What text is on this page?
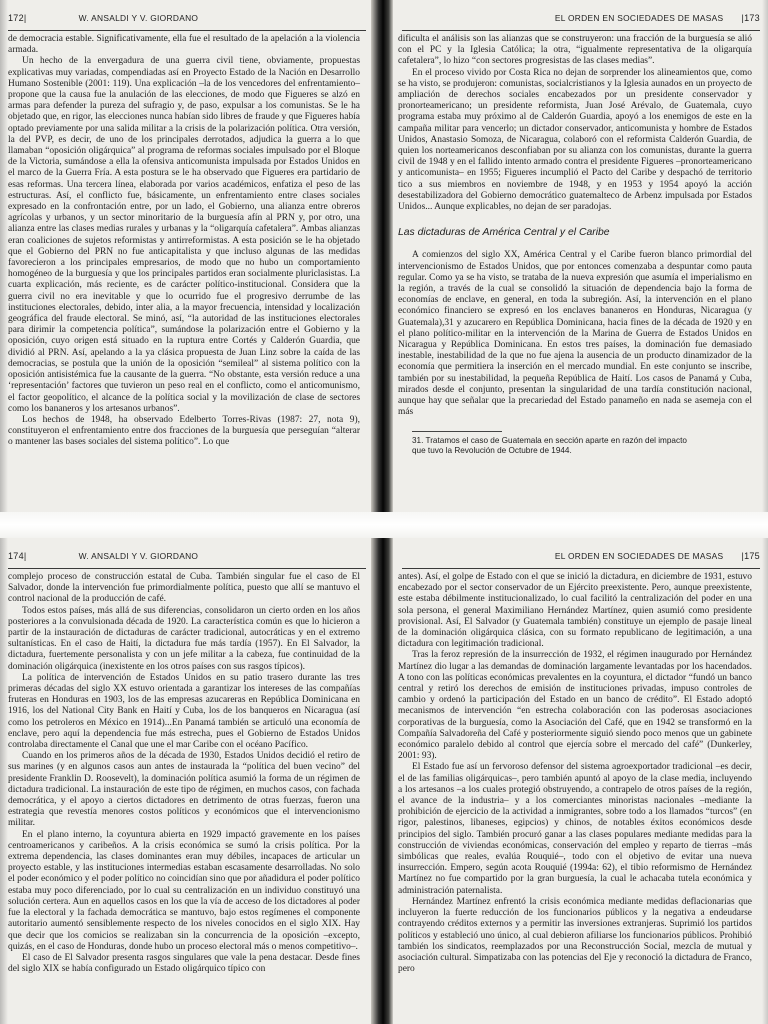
172|	W. ANSALDI Y V. GIORDANO

de democracia estable. Significativamente, ella fue el resultado de la apelación a la violencia armada.

Un hecho de la envergadura de una guerra civil tiene, obviamente, propuestas explicativas muy variadas, compendiadas así en Proyecto Estado de la Nación en Desarrollo Humano Sostenible (2001: 119). Una explicación –la de los vencedores del enfrentamiento– propone que la causa fue la anulación de las elecciones, de modo que Figueres se alzó en armas para defender la pureza del sufragio y, de paso, expulsar a los comunistas. Se le ha objetado que, en rigor, las elecciones nunca habían sido libres de fraude y que Figueres había optado previamente por una salida militar a la crisis de la polarización política. Otra versión, la del PVP, es decir, de uno de los principales derrotados, adjudica la guerra a lo que llamaban “oposición oligárquica” al programa de reformas sociales impulsado por el Bloque de la Victoria, sumándose a ella la ofensiva anticomunista impulsada por Estados Unidos en el marco de la Guerra Fría. A esta postura se le ha observado que Figueres era partidario de esas reformas. Una tercera línea, elaborada por varios académicos, enfatiza el peso de las estructuras. Así, el conflicto fue, básicamente, un enfrentamiento entre clases sociales expresado en la confrontación entre, por un lado, el Gobierno, una alianza entre obreros agrícolas y urbanos, y un sector minoritario de la burguesía afín al PRN y, por otro, una alianza entre las clases medias rurales y urbanas y la “oligarquía cafetalera”. Ambas alianzas eran coaliciones de sujetos reformistas y antirreformistas. A esta posición se le ha objetado que el Gobierno del PRN no fue anticapitalista y que incluso algunas de las medidas favorecieron a los principales empresarios, de modo que no hubo un comportamiento homogéneo de la burguesía y que los principales partidos eran socialmente pluriclasistas. La cuarta explicación, más reciente, es de carácter político-institucional. Considera que la guerra civil no era inevitable y que lo ocurrido fue el progresivo derrumbe de las instituciones electorales, debido, inter alia, a la mayor frecuencia, intensidad y localización geográfica del fraude electoral. Se minó, así, “la autoridad de las instituciones electorales para dirimir la competencia política”, sumándose la polarización entre el Gobierno y la oposición, cuyo origen está situado en la ruptura entre Cortés y Calderón Guardia, que dividió al PRN. Así, apelando a la ya clásica propuesta de Juan Linz sobre la caída de las democracias, se postula que la unión de la oposición “semileal” al sistema político con la oposición antisistémica fue la causante de la guerra. “No obstante, esta versión reduce a una ‘representación’ factores que tuvieron un peso real en el conflicto, como el anticomunismo, el factor geopolítico, el alcance de la política social y la movilización de clase de sectores como los bananeros y los artesanos urbanos”.

Los hechos de 1948, ha observado Edelberto Torres-Rivas (1987: 27, nota 9), constituyeron el enfrentamiento entre dos fracciones de la burguesía que perseguían “alterar o mantener las bases sociales del sistema político”. Lo que

EL ORDEN EN SOCIEDADES DE MASAS |173

dificulta el análisis son las alianzas que se construyeron: una fracción de la burguesía se alió con el PC y la Iglesia Católica; la otra, “igualmente representativa de la oligarquía cafetalera”, lo hizo “con sectores progresistas de las clases medias”.

En el proceso vivido por Costa Rica no dejan de sorprender los alineamientos que, como se ha visto, se produjeron: comunistas, socialcristianos y la Iglesia aunados en un proyecto de ampliación de derechos sociales encabezados por un presidente conservador y pronorteamericano; un presidente reformista, Juan José Arévalo, de Guatemala, cuyo programa estaba muy próximo al de Calderón Guardia, apoyó a los enemigos de este en la campaña militar para vencerlo; un dictador conservador, anticomunista y hombre de Estados Unidos, Anastasio Somoza, de Nicaragua, colaboró con el reformista Calderón Guardia, de quien los norteamericanos desconfiaban por su alianza con los comunistas, durante la guerra civil de 1948 y en el fallido intento armado contra el presidente Figueres –pronorteamericano y anticomunista– en 1955; Figueres incumplió el Pacto del Caribe y despachó de territorio tico a sus miembros en noviembre de 1948, y en 1953 y 1954 apoyó la acción desestabilizadora del Gobierno democrático guatemalteco de Arbenz impulsada por Estados Unidos... Aunque explicables, no dejan de ser paradojas.

Las dictaduras de América Central y el Caribe

A comienzos del siglo XX, América Central y el Caribe fueron blanco primordial del intervencionismo de Estados Unidos, que por entonces comenzaba a despuntar como pauta regular. Como ya se ha visto, se trataba de la nueva expresión que asumía el imperialismo en la región, a través de la cual se consolidó la situación de dependencia bajo la forma de economías de enclave, en general, en toda la subregión. Así, la intervención en el plano económico financiero se expresó en los enclaves bananeros en Honduras, Nicaragua (y Guatemala),31 y azucarero en República Dominicana, hacia fines de la década de 1920 y en el plano político-militar en la intervención de la Marina de Guerra de Estados Unidos en Nicaragua y República Dominicana. En estos tres países, la dominación fue demasiado inestable, inestabilidad de la que no fue ajena la ausencia de un producto dinamizador de la economía que permitiera la inserción en el mercado mundial. En este conjunto se inscribe, también por su inestabilidad, la pequeña República de Haití. Los casos de Panamá y Cuba, mirados desde el conjunto, presentan la singularidad de una tardía constitución nacional, aunque hay que señalar que la precariedad del Estado panameño en nada se asemeja con el más

31. Tratamos el caso de Guatemala en sección aparte en razón del impacto que tuvo la Revolución de Octubre de 1944.
174|	W. ANSALDI Y V. GIORDANO

complejo proceso de construcción estatal de Cuba. También singular fue el caso de El Salvador, donde la intervención fue primordialmente política, puesto que allí se mantuvo el control nacional de la producción de café.

Todos estos países, más allá de sus diferencias, consolidaron un cierto orden en los años posteriores a la convulsionada década de 1920. La característica común es que lo hicieron a partir de la instauración de dictaduras de carácter tradicional, autocráticas y en el extremo sultanísticas. En el caso de Haití, la dictadura fue más tardía (1957). En El Salvador, la dictadura, fuertemente personalista y con un jefe militar a la cabeza, fue continuidad de la dominación oligárquica (inexistente en los otros países con sus rasgos típicos).

La política de intervención de Estados Unidos en su patio trasero durante las tres primeras décadas del siglo XX estuvo orientada a garantizar los intereses de las compañías fruteras en Honduras en 1903, los de las empresas azucareras en República Dominicana en 1916, los del National City Bank en Haití y Cuba, los de los banqueros en Nicaragua (así como los petroleros en México en 1914)...En Panamá también se articuló una economía de enclave, pero aquí la dependencia fue más estrecha, pues el Gobierno de Estados Unidos controlaba directamente el Canal que une el mar Caribe con el océano Pacífico.

Cuando en los primeros años de la década de 1930, Estados Unidos decidió el retiro de sus marines (y en algunos casos aun antes de instaurada la “política del buen vecino” del presidente Franklin D. Roosevelt), la dominación política asumió la forma de un régimen de dictadura tradicional. La instauración de este tipo de régimen, en muchos casos, con fachada democrática, y el apoyo a ciertos dictadores en detrimento de otras fuerzas, fueron una estrategia que revestía menores costos políticos y económicos que el intervencionismo militar.

En el plano interno, la coyuntura abierta en 1929 impactó gravemente en los países centroamericanos y caribeños. A la crisis económica se sumó la crisis política. Por la extrema dependencia, las clases dominantes eran muy débiles, incapaces de articular un proyecto estable, y las instituciones intermedias estaban escasamente desarrolladas. No solo el poder económico y el poder político no coincidían sino que por añadidura el poder político estaba muy poco diferenciado, por lo cual su centralización en un individuo constituyó una solución certera. Aun en aquellos casos en los que la vía de acceso de los dictadores al poder fue la electoral y la fachada democrática se mantuvo, bajo estos regímenes el componente autoritario aumentó sensiblemente respecto de los niveles conocidos en el siglo XIX. Hay que decir que los comicios se realizaban sin la concurrencia de la oposición –excepto, quizás, en el caso de Honduras, donde hubo un proceso electoral más o menos competitivo–.

El caso de El Salvador presenta rasgos singulares que vale la pena destacar. Desde fines del siglo XIX se había configurado un Estado oligárquico típico con

EL ORDEN EN SOCIEDADES DE MASAS |175

antes). Así, el golpe de Estado con el que se inició la dictadura, en diciembre de 1931, estuvo encabezado por el sector conservador de un Ejército preexistente. Pero, aunque preexistente, este estaba débilmente institucionalizado, lo cual facilitó la centralización del poder en una sola persona, el general Maximiliano Hernández Martínez, quien asumió como presidente provisional. Así, El Salvador (y Guatemala también) constituye un ejemplo de pasaje lineal de la dominación oligárquica clásica, con su formato republicano de legitimación, a una dictadura con legitimación tradicional.

Tras la feroz represión de la insurrección de 1932, el régimen inaugurado por Hernández Martínez dio lugar a las demandas de dominación largamente levantadas por los hacendados. A tono con las políticas económicas prevalentes en la coyuntura, el dictador “fundó un banco central y retiró los derechos de emisión de instituciones privadas, impuso controles de cambio y ordenó la participación del Estado en un banco de crédito”. El Estado adoptó mecanismos de intervención “en estrecha colaboración con las poderosas asociaciones corporativas de la burguesía, como la Asociación del Café, que en 1942 se transformó en la Compañía Salvadoreña del Café y posteriormente siguió siendo poco menos que un gabinete económico paralelo debido al control que ejercía sobre el mercado del café” (Dunkerley, 2001: 93).

El Estado fue así un fervoroso defensor del sistema agroexportador tradicional –es decir, el de las familias oligárquicas–, pero también apuntó al apoyo de la clase media, incluyendo a los artesanos –a los cuales protegió obstruyendo, a contrapelo de otros países de la región, el avance de la industria– y a los comerciantes minoristas nacionales –mediante la prohibición de ejercicio de la actividad a inmigrantes, sobre todo a los llamados “turcos” (en rigor, palestinos, libaneses, egipcios) y chinos, de notables éxitos económicos desde principios del siglo. También procuró ganar a las clases populares mediante medidas para la construcción de viviendas económicas, conservación del empleo y reparto de tierras –más simbólicas que reales, evalúa Rouquié–, todo con el objetivo de evitar una nueva insurrección. Empero, según acota Rouquié (1994a: 62), el tibio reformismo de Hernández Martínez no fue compartido por la gran burguesía, la cual le achacaba tutela económica y administración paternalista.

Hernández Martínez enfrentó la crisis económica mediante medidas deflacionarias que incluyeron la fuerte reducción de los funcionarios públicos y la negativa a endeudarse contrayendo créditos externos y a permitir las inversiones extranjeras. Suprimió los partidos políticos y estableció uno único, al cual debieron afiliarse los funcionarios públicos. Prohibió también los sindicatos, reemplazados por una Reconstrucción Social, mezcla de mutual y asociación cultural. Simpatizaba con las potencias del Eje y reconoció la dictadura de Franco, pero
